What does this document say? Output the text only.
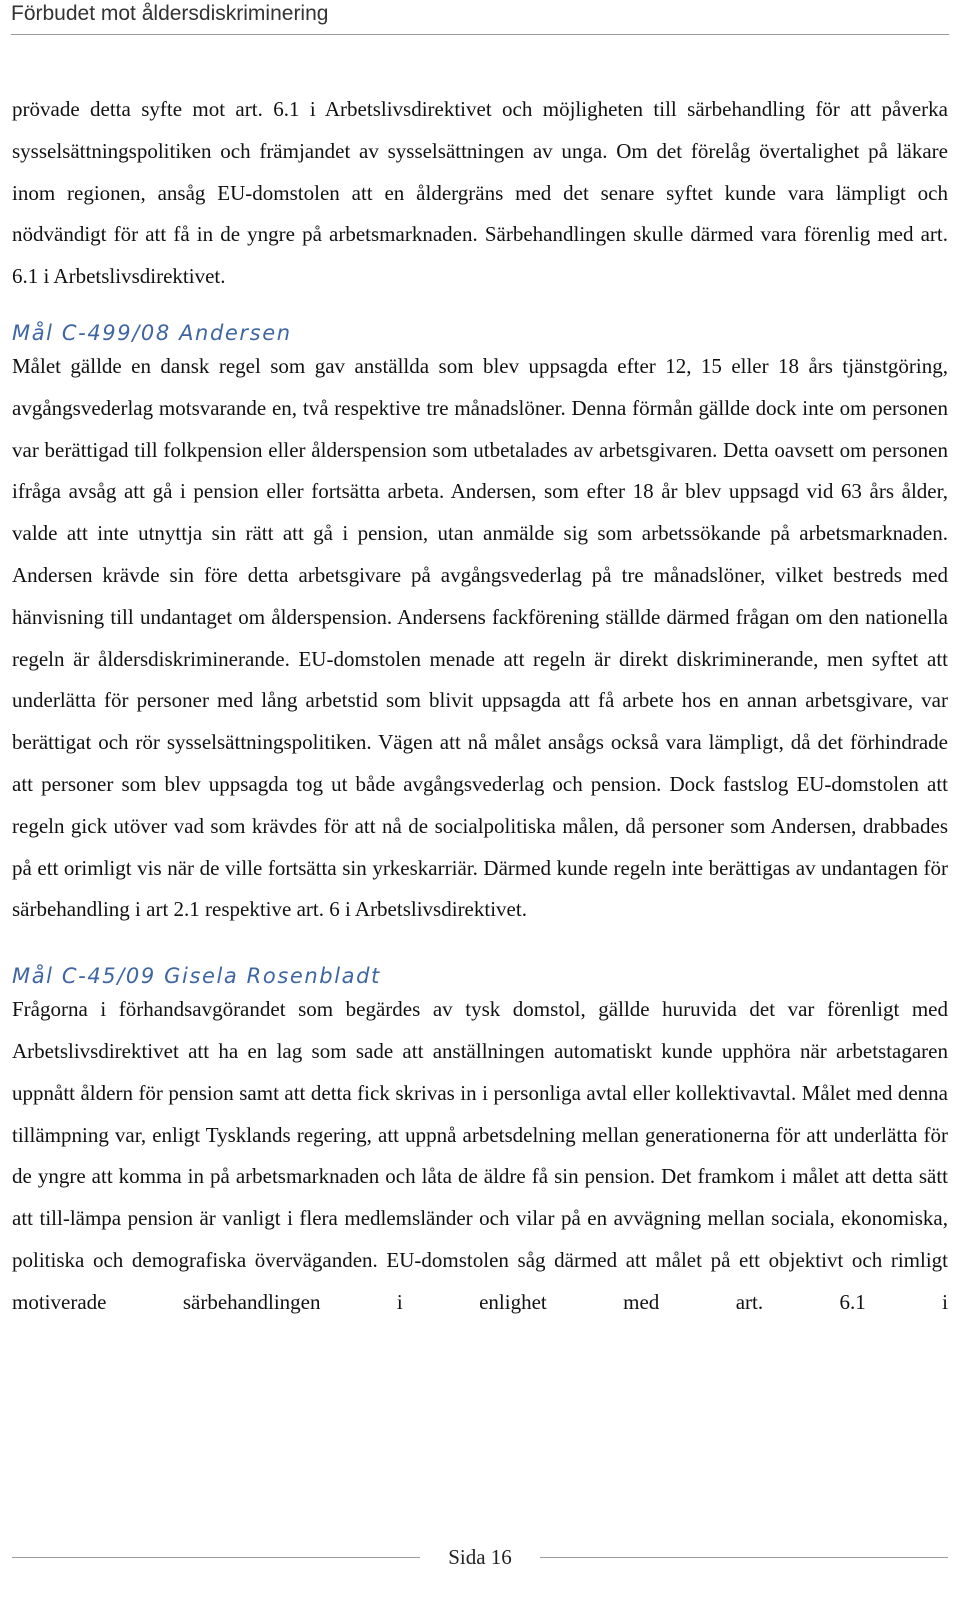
Förbudet mot åldersdiskriminering

prövade detta syfte mot art. 6.1 i Arbetslivsdirektivet och möjligheten till särbehandling för att påverka sysselsättningspolitiken och främjandet av sysselsättningen av unga. Om det förelåg övertalighet på läkare inom regionen, ansåg EU-domstolen att en åldergräns med det senare syftet kunde vara lämpligt och nödvändigt för att få in de yngre på arbetsmarknaden. Särbehandlingen skulle därmed vara förenlig med art. 6.1 i Arbetslivsdirektivet.

Mål C-499/08 Andersen

Målet gällde en dansk regel som gav anställda som blev uppsagda efter 12, 15 eller 18 års tjänstgöring, avgångsvederlag motsvarande en, två respektive tre månadslöner. Denna förmån gällde dock inte om personen var berättigad till folkpension eller ålderspension som utbetalades av arbetsgivaren. Detta oavsett om personen ifråga avsåg att gå i pension eller fortsätta arbeta. Andersen, som efter 18 år blev uppsagd vid 63 års ålder, valde att inte utnyttja sin rätt att gå i pension, utan anmälde sig som arbetssökande på arbetsmarknaden. Andersen krävde sin före detta arbetsgivare på avgångsvederlag på tre månadslöner, vilket bestreds med hänvisning till undantaget om ålderspension. Andersens fackförening ställde därmed frågan om den nationella regeln är åldersdiskriminerande. EU-domstolen menade att regeln är direkt diskriminerande, men syftet att underlätta för personer med lång arbetstid som blivit uppsagda att få arbete hos en annan arbetsgivare, var berättigat och rör sysselsättningspolitiken. Vägen att nå målet ansågs också vara lämpligt, då det förhindrade att personer som blev uppsagda tog ut både avgångsvederlag och pension. Dock fastslog EU-domstolen att regeln gick utöver vad som krävdes för att nå de socialpolitiska målen, då personer som Andersen, drabbades på ett orimligt vis när de ville fortsätta sin yrkeskarriär. Därmed kunde regeln inte berättigas av undantagen för särbehandling i art 2.1 respektive art. 6 i Arbetslivsdirektivet.

Mål C-45/09 Gisela Rosenbladt

Frågorna i förhandsavgörandet som begärdes av tysk domstol, gällde huruvida det var förenligt med Arbetslivsdirektivet att ha en lag som sade att anställningen automatiskt kunde upphöra när arbetstagaren uppnått åldern för pension samt att detta fick skrivas in i personliga avtal eller kollektivavtal. Målet med denna tillämpning var, enligt Tysklands regering, att uppnå arbetsdelning mellan generationerna för att underlätta för de yngre att komma in på arbetsmarknaden och låta de äldre få sin pension. Det framkom i målet att detta sätt att till-lämpa pension är vanligt i flera medlemsländer och vilar på en avvägning mellan sociala, ekonomiska, politiska och demografiska överväganden. EU-domstolen såg därmed att målet på ett objektivt och rimligt motiverade särbehandlingen i enlighet med art. 6.1 i

Sida 16
